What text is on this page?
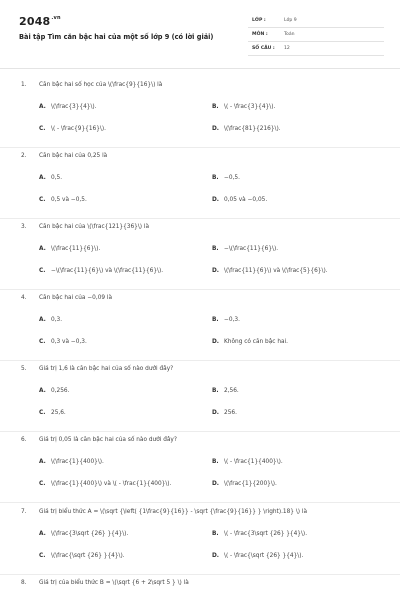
$2048^{.vn}$
Bài tập Tìm căn bậc hai của một số lớp 9 (có lời giải)
LỚP :	Lớp 9
MÔN :	Toán
SỐ CÂU : 12
1. Căn bậc hai số học của \(\frac{9}{16}\) là
A. \(\frac{3}{4}\).	B. \( - \frac{3}{4}\).
C. \( - \frac{9}{16}\).	D. \(\frac{81}{216}\).
2. Căn bậc hai của 0,25 là
A. 0,5.	B. −0,5.
C. 0,5 và −0,5.	D. 0,05 và −0,05.
3. Căn bậc hai của \(\frac{121}{36}\) là
A. \(\frac{11}{6}\).	B. −\(\frac{11}{6}\).
C. −\(\frac{11}{6}\) và \(\frac{11}{6}\).	D. \(\frac{11}{6}\) và \(\frac{5}{6}\).
4. Căn bậc hai của −0,09 là
A. 0,3.	B. −0,3.
C. 0,3 và −0,3.	D. Không có căn bậc hai.
5. Giá trị 1,6 là căn bậc hai của số nào dưới đây?
A. 0,256.	B. 2,56.
C. 25,6.	D. 256.
6. Giá trị 0,05 là căn bậc hai của số nào dưới đây?
A. \(\frac{1}{400}\).	B. \( - \frac{1}{400}\).
C. \(\frac{1}{400}\) và \( - \frac{1}{400}\).	D. \(\frac{1}{200}\).
7. Giá trị biểu thức A = \(\sqrt {\left( {1\frac{9}{16}} - \sqrt {\frac{9}{16}} } \right).18} \) là
A. \(\frac{3\sqrt {26} }{4}\).	B. \( - \frac{3\sqrt {26} }{4}\).
C. \(\frac{\sqrt {26} }{4}\).	D. \( - \frac{\sqrt {26} }{4}\).
8. Giá trị của biểu thức B = \(\sqrt {6 + 2\sqrt 5 } \) là
